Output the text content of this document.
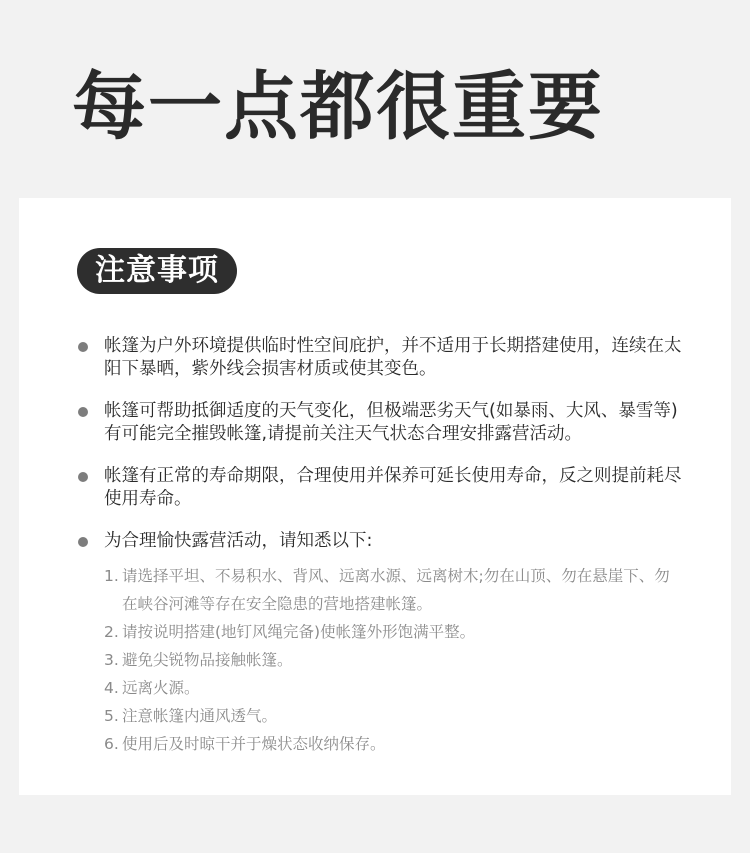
每一点都很重要
注意事项
帐篷为户外环境提供临时性空间庇护，并不适用于长期搭建使用，连续在太阳下暴晒，紫外线会损害材质或使其变色。
帐篷可帮助抵御适度的天气变化，但极端恶劣天气(如暴雨、大风、暴雪等)有可能完全摧毁帐篷,请提前关注天气状态合理安排露营活动。
帐篷有正常的寿命期限，合理使用并保养可延长使用寿命，反之则提前耗尽使用寿命。
为合理愉快露营活动，请知悉以下:
1. 请选择平坦、不易积水、背风、远离水源、远离树木;勿在山顶、勿在悬崖下、勿在峡谷河滩等存在安全隐患的营地搭建帐篷。
2. 请按说明搭建(地钉风绳完备)使帐篷外形饱满平整。
3. 避免尖锐物品接触帐篷。
4. 远离火源。
5. 注意帐篷内通风透气。
6. 使用后及时晾干并于燥状态收纳保存。
